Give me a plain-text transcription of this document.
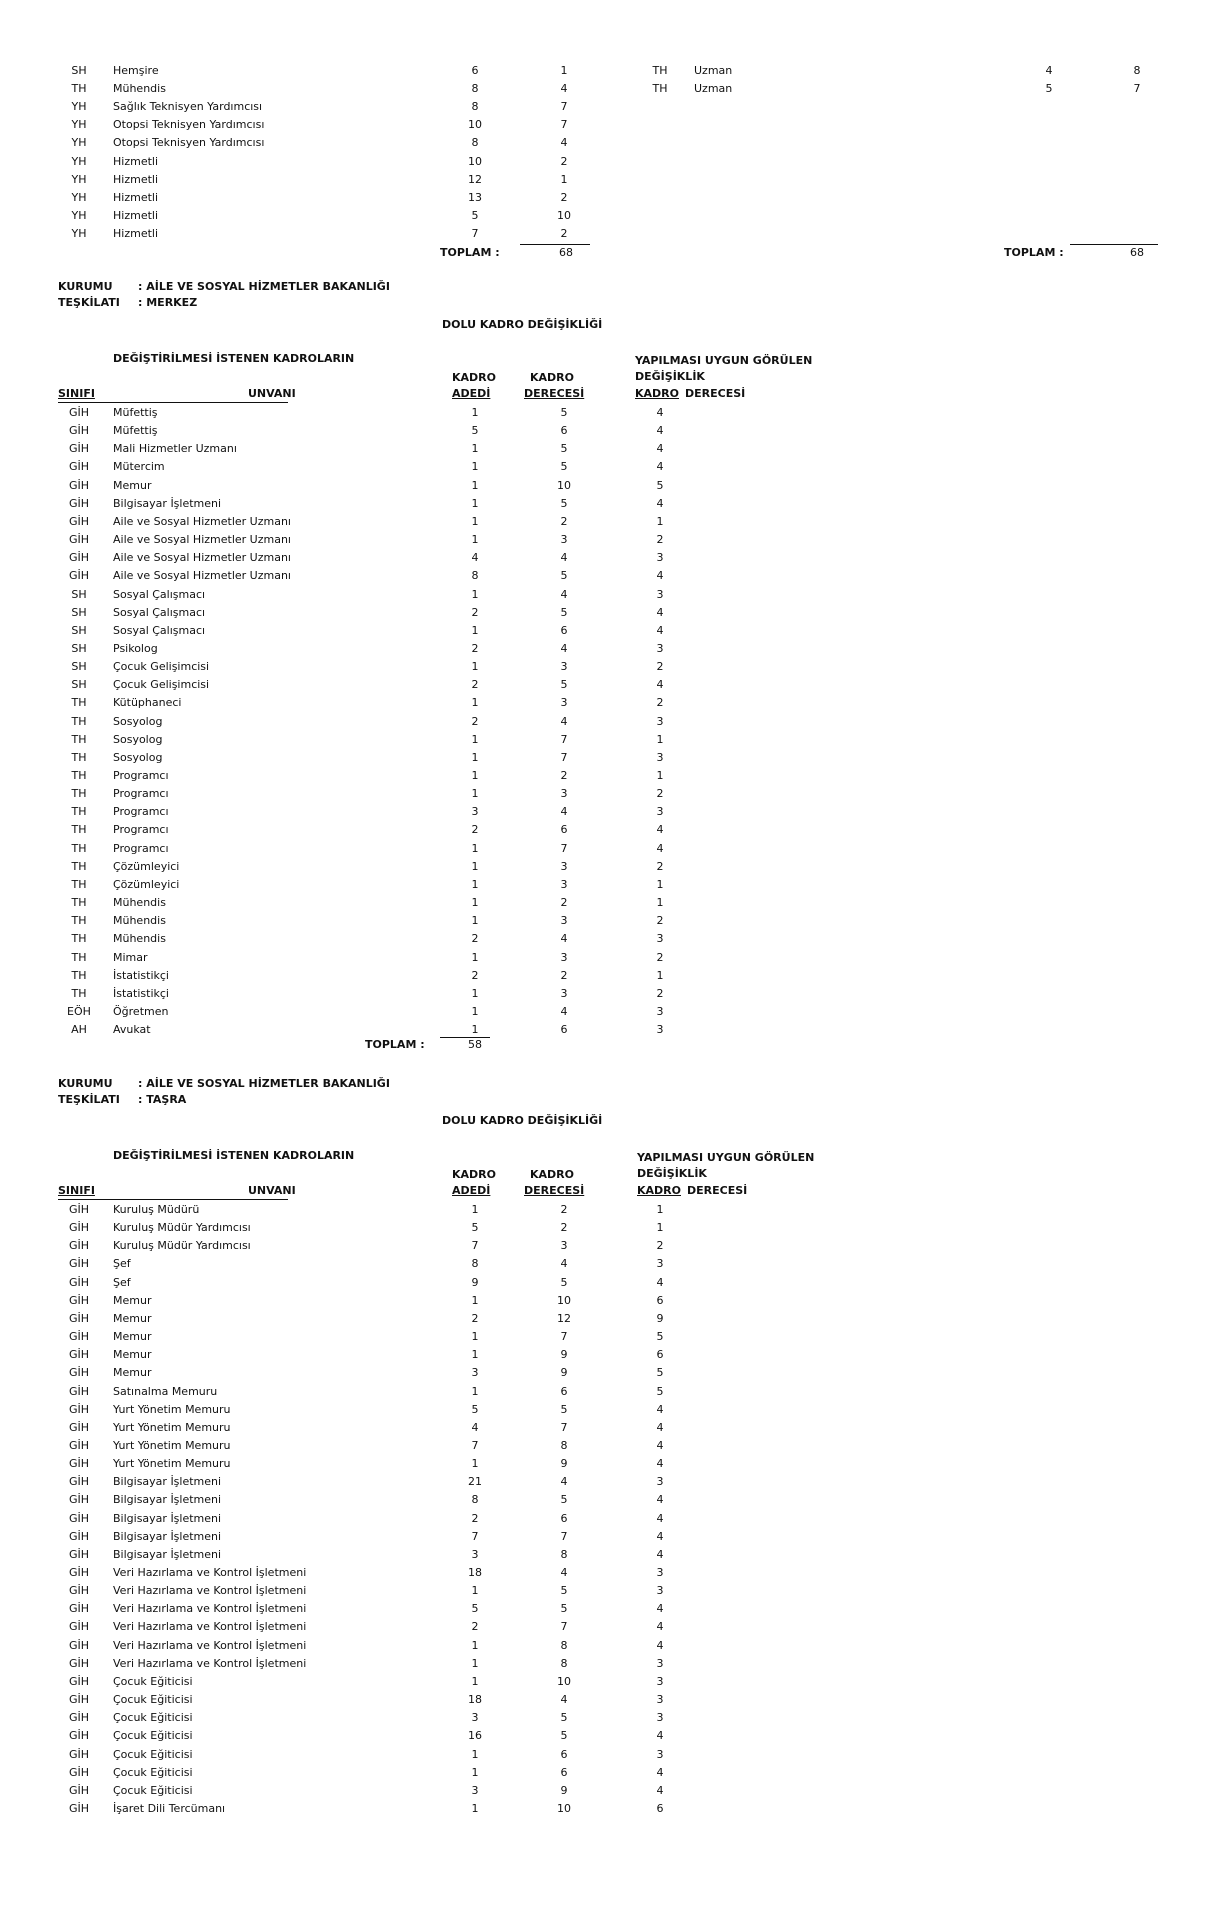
SH	Hemşire	6	1
TH	Mühendis	8	4
YH	Sağlık Teknisyen Yardımcısı	8	7
YH	Otopsi Teknisyen Yardımcısı	10	7
YH	Otopsi Teknisyen Yardımcısı	8	4
YH	Hizmetli	10	2
YH	Hizmetli	12	1
YH	Hizmetli	13	2
YH	Hizmetli	5	10
YH	Hizmetli	7	2
TOPLAM :	68
TH	Uzman	4	8
TH	Uzman	5	7
TOPLAM :	68
KURUMU : AİLE VE SOSYAL HİZMETLER BAKANLIĞI
TEŞKİLATI : MERKEZ
DOLU KADRO DEĞİŞİKLİĞİ
DEĞİŞTİRİLMESİ İSTENEN KADROLARIN	YAPILMASI UYGUN GÖRÜLEN
DEĞİŞİKLİK
KADRO	KADRO
SINIFI	UNVANI	ADEDİ	DERECESİ	KADRO DERECESİ
GİH Müfettiş	1	5	4
GİH Müfettiş	5	6	4
GİH Mali Hizmetler Uzmanı	1	5	4
GİH Mütercim	1	5	4
GİH Memur	1	10	5
GİH Bilgisayar İşletmeni	1	5	4
GİH Aile ve Sosyal Hizmetler Uzmanı	1	2	1
GİH Aile ve Sosyal Hizmetler Uzmanı	1	3	2
GİH Aile ve Sosyal Hizmetler Uzmanı	4	4	3
GİH Aile ve Sosyal Hizmetler Uzmanı	8	5	4
SH	Sosyal Çalışmacı	1	4	3
SH	Sosyal Çalışmacı	2	5	4
SH	Sosyal Çalışmacı	1	6	4
SH	Psikolog	2	4	3
SH	Çocuk Gelişimcisi	1	3	2
SH	Çocuk Gelişimcisi	2	5	4
TH	Kütüphaneci	1	3	2
TH	Sosyolog	2	4	3
TH	Sosyolog	1	7	1
TH	Sosyolog	1	7	3
TH	Programcı	1	2	1
TH	Programcı	1	3	2
TH	Programcı	3	4	3
TH	Programcı	2	6	4
TH	Programcı	1	7	4
TH	Çözümleyici	1	3	2
TH	Çözümleyici	1	3	1
TH	Mühendis	1	2	1
TH	Mühendis	1	3	2
TH	Mühendis	2	4	3
TH	Mimar	1	3	2
TH	İstatistikçi	2	2	1
TH	İstatistikçi	1	3	2
EÖH Öğretmen	1	4	3
AH	Avukat	1	6	3
TOPLAM :	58
KURUMU : AİLE VE SOSYAL HİZMETLER BAKANLIĞI
TEŞKİLATI : TAŞRA
DOLU KADRO DEĞİŞİKLİĞİ
DEĞİŞTİRİLMESİ İSTENEN KADROLARIN	YAPILMASI UYGUN GÖRÜLEN
DEĞİŞİKLİK
KADRO	KADRO
SINIFI	UNVANI	ADEDİ	DERECESİ	KADRO DERECESİ
GİH Kuruluş Müdürü	1	2	1
GİH Kuruluş Müdür Yardımcısı	5	2	1
GİH Kuruluş Müdür Yardımcısı	7	3	2
GİH Şef	8	4	3
GİH Şef	9	5	4
GİH Memur	1	10	6
GİH Memur	2	12	9
GİH Memur	1	7	5
GİH Memur	1	9	6
GİH Memur	3	9	5
GİH Satınalma Memuru	1	6	5
GİH Yurt Yönetim Memuru	5	5	4
GİH Yurt Yönetim Memuru	4	7	4
GİH Yurt Yönetim Memuru	7	8	4
GİH Yurt Yönetim Memuru	1	9	4
GİH Bilgisayar İşletmeni	21	4	3
GİH Bilgisayar İşletmeni	8	5	4
GİH Bilgisayar İşletmeni	2	6	4
GİH Bilgisayar İşletmeni	7	7	4
GİH Bilgisayar İşletmeni	3	8	4
GİH Veri Hazırlama ve Kontrol İşletmeni	18	4	3
GİH Veri Hazırlama ve Kontrol İşletmeni	1	5	3
GİH Veri Hazırlama ve Kontrol İşletmeni	5	5	4
GİH Veri Hazırlama ve Kontrol İşletmeni	2	7	4
GİH Veri Hazırlama ve Kontrol İşletmeni	1	8	4
GİH Veri Hazırlama ve Kontrol İşletmeni	1	8	3
GİH Çocuk Eğiticisi	1	10	3
GİH Çocuk Eğiticisi	18	4	3
GİH Çocuk Eğiticisi	3	5	3
GİH Çocuk Eğiticisi	16	5	4
GİH Çocuk Eğiticisi	1	6	3
GİH Çocuk Eğiticisi	1	6	4
GİH Çocuk Eğiticisi	3	9	4
GİH İşaret Dili Tercümanı	1	10	6
